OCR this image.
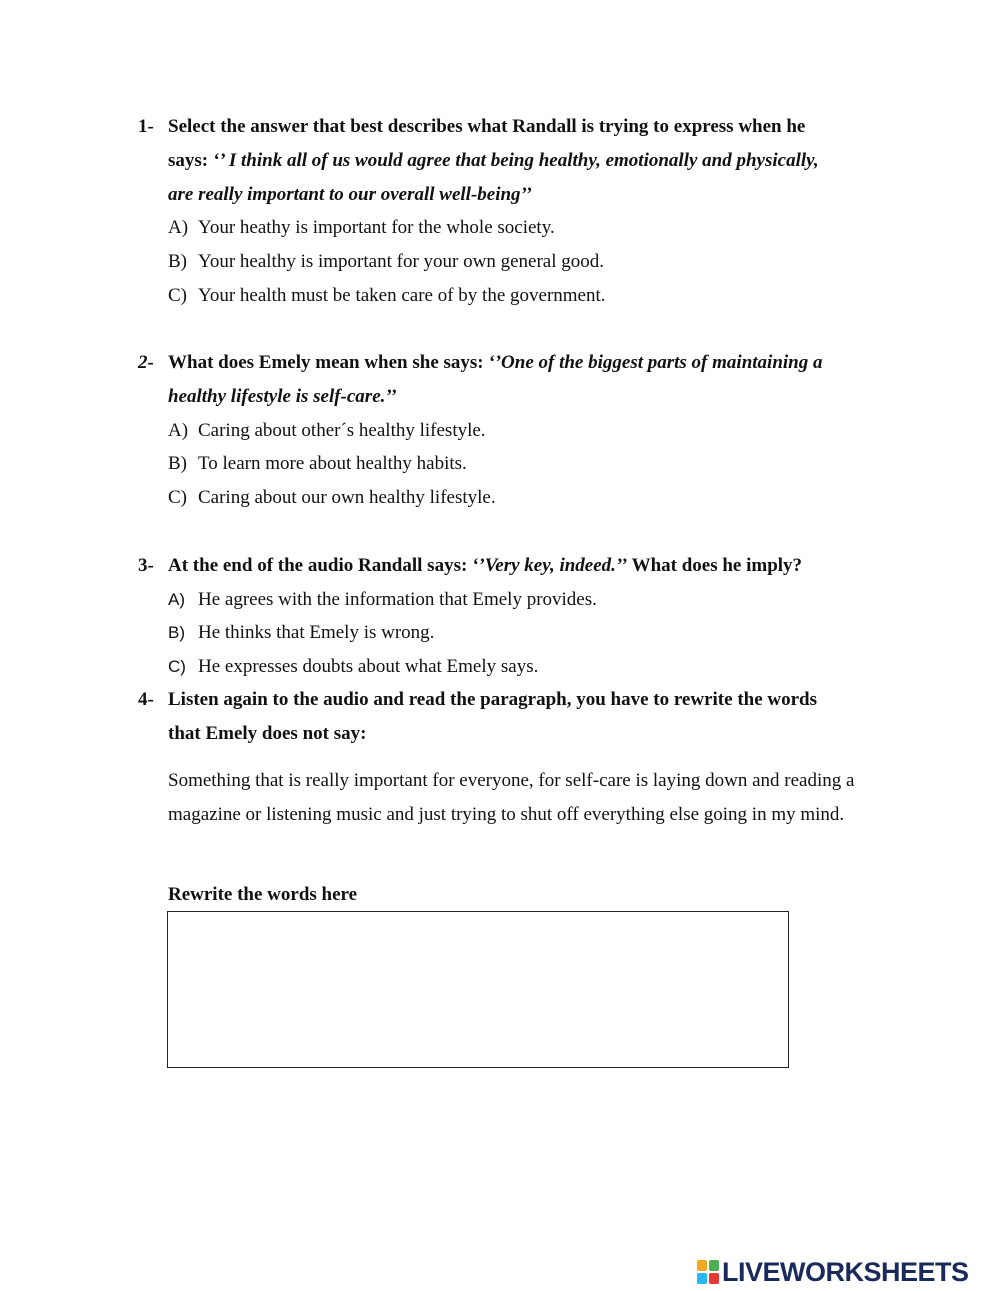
1- Select the answer that best describes what Randall is trying to express when he says: ‘’ I think all of us would agree that being healthy, emotionally and physically, are really important to our overall well-being’’
A) Your heathy is important for the whole society.
B) Your healthy is important for your own general good.
C) Your health must be taken care of by the government.
2- What does Emely mean when she says: ‘’One of the biggest parts of maintaining a healthy lifestyle is self-care.’’
A) Caring about other´s healthy lifestyle.
B) To learn more about healthy habits.
C) Caring about our own healthy lifestyle.
3- At the end of the audio Randall says: ‘’Very key, indeed.’’ What does he imply?
A) He agrees with the information that Emely provides.
B) He thinks that Emely is wrong.
C) He expresses doubts about what Emely says.
4- Listen again to the audio and read the paragraph, you have to rewrite the words that Emely does not say:
Something that is really important for everyone, for self-care is laying down and reading a magazine or listening music and just trying to shut off everything else going in my mind.
Rewrite the words here
LIVEWORKSHEETS
